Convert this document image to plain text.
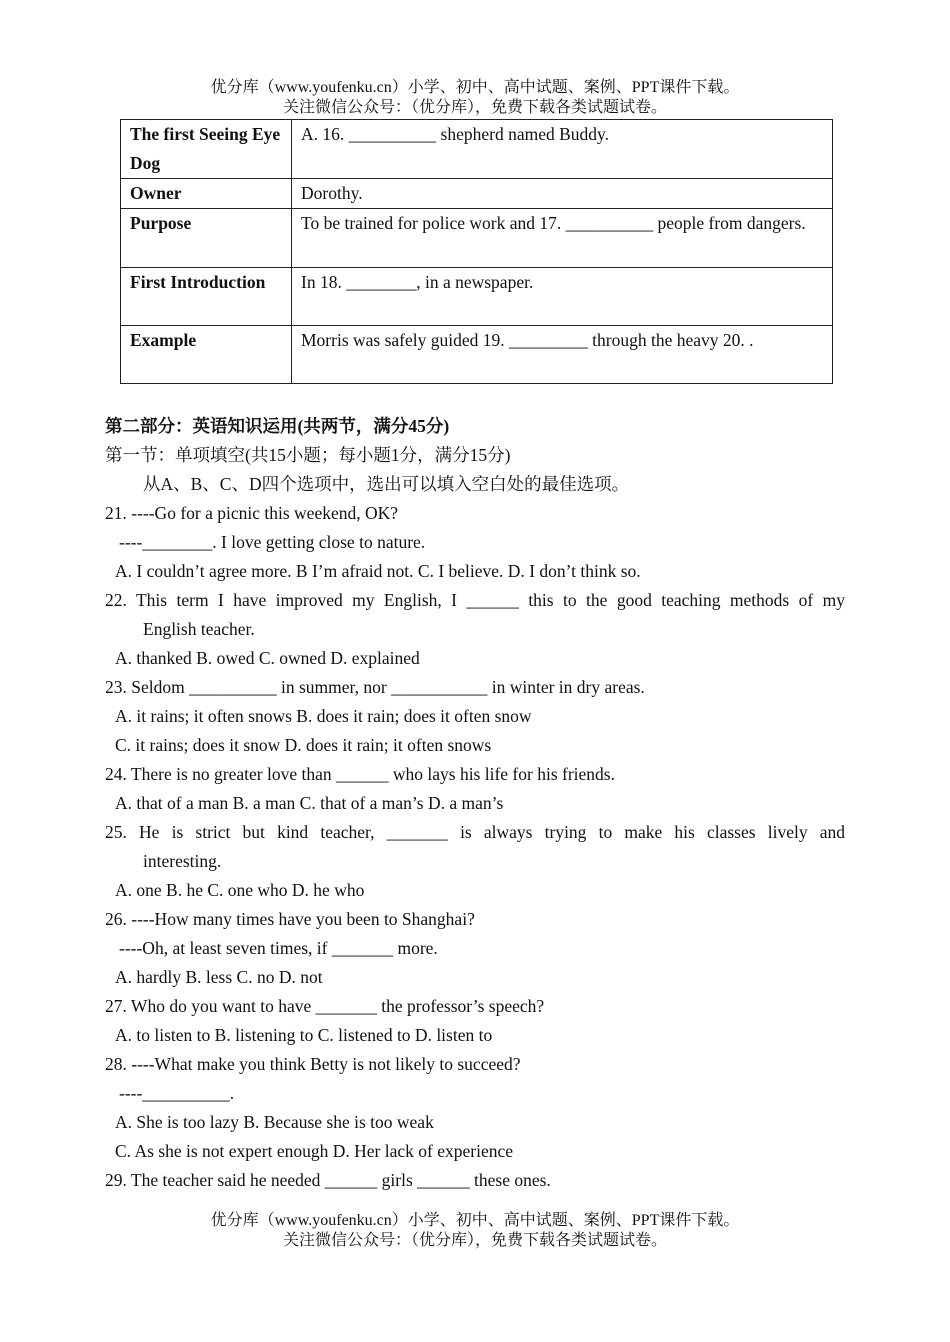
优分库（www.youfenku.cn）小学、初中、高中试题、案例、PPT课件下载。
关注微信公众号：（优分库），免费下载各类试题试卷。
The first Seeing Eye Dog	A. 16. __________ shepherd named Buddy.
Owner	Dorothy.
Purpose	To be trained for police work and 17. __________ people from dangers.
First Introduction	In 18. ________, in a newspaper.
Example	Morris was safely guided 19. _________ through the heavy 20. .
第二部分：英语知识运用(共两节，满分45分)
第一节：单项填空(共15小题；每小题1分，满分15分)
从A、B、C、D四个选项中，选出可以填入空白处的最佳选项。
21. ----Go for a picnic this weekend, OK?
----________. I love getting close to nature.
A. I couldn’t agree more. B I’m afraid not. C. I believe. D. I don’t think so.
22. This term I have improved my English, I ______ this to the good teaching methods of my
English teacher.
A. thanked B. owed C. owned D. explained
23. Seldom __________ in summer, nor ___________ in winter in dry areas.
A. it rains; it often snows B. does it rain; does it often snow
C. it rains; does it snow D. does it rain; it often snows
24. There is no greater love than ______ who lays his life for his friends.
A. that of a man B. a man C. that of a man’s D. a man’s
25. He is strict but kind teacher, _______ is always trying to make his classes lively and
interesting.
A. one B. he C. one who D. he who
26. ----How many times have you been to Shanghai?
----Oh, at least seven times, if _______ more.
A. hardly B. less C. no D. not
27. Who do you want to have _______ the professor’s speech?
A. to listen to B. listening to C. listened to D. listen to
28. ----What make you think Betty is not likely to succeed?
----__________.
A. She is too lazy B. Because she is too weak
C. As she is not expert enough D. Her lack of experience
29. The teacher said he needed ______ girls ______ these ones.
优分库（www.youfenku.cn）小学、初中、高中试题、案例、PPT课件下载。
关注微信公众号：（优分库），免费下载各类试题试卷。
